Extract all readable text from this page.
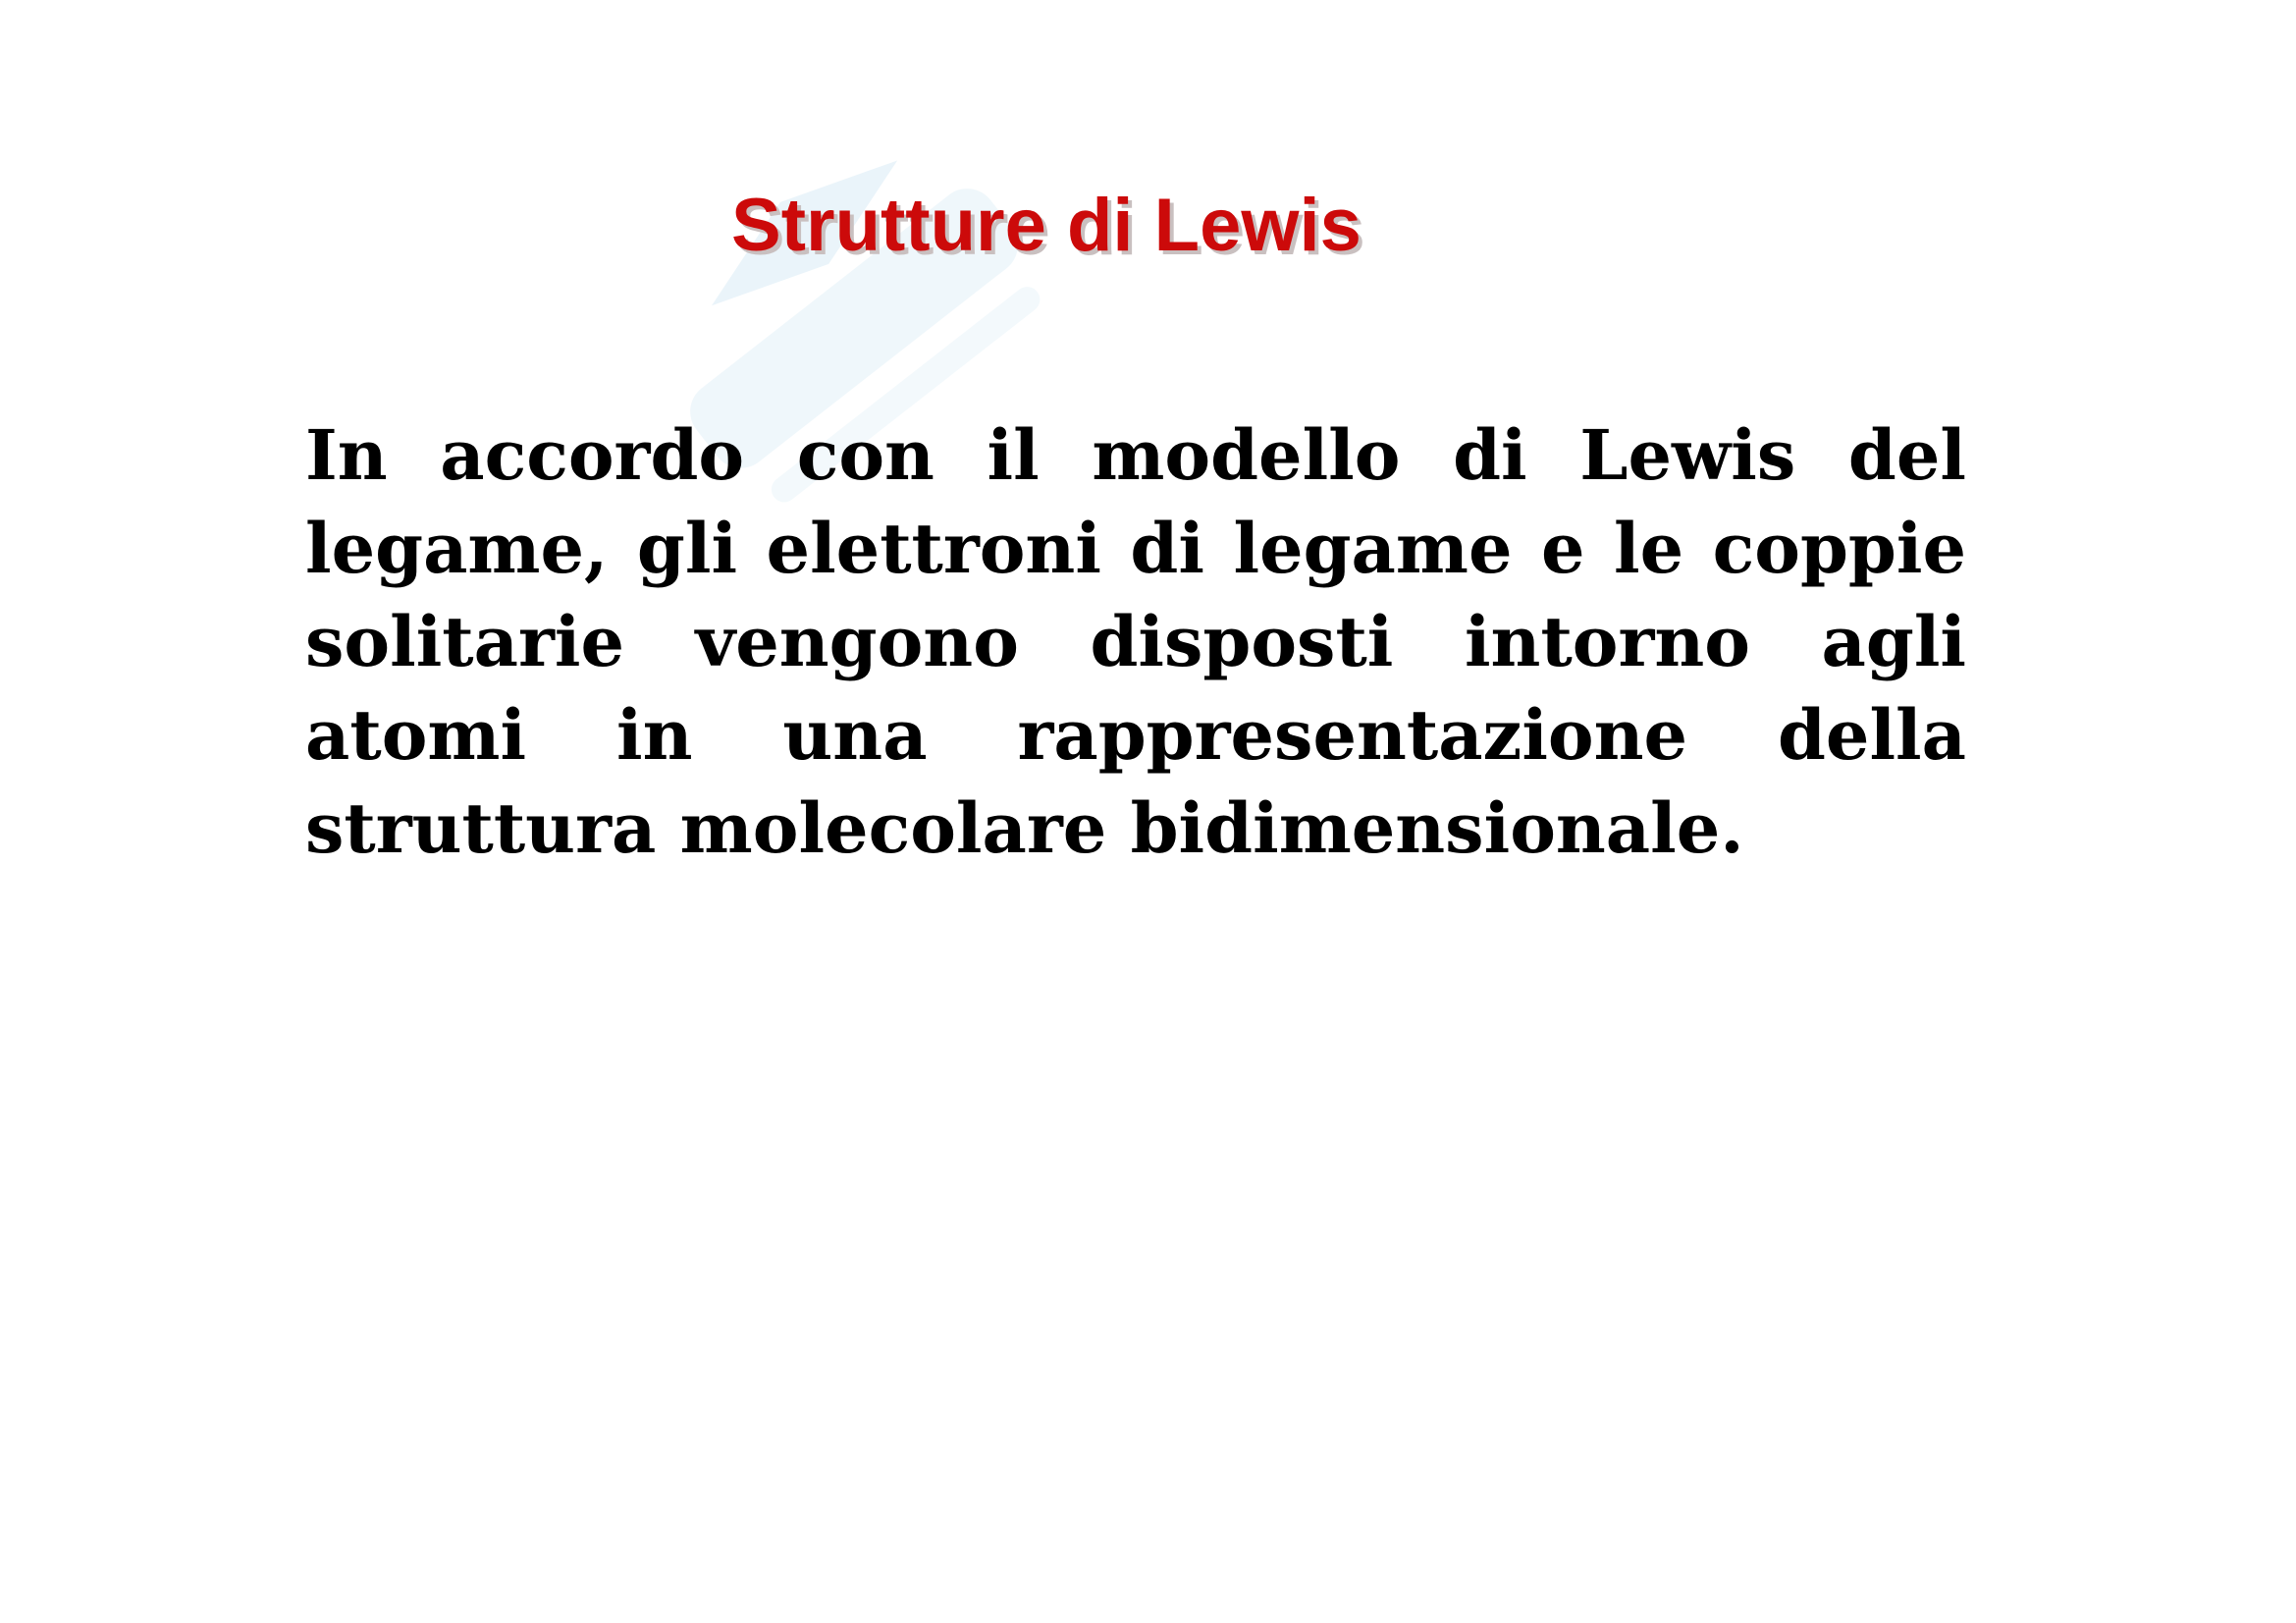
Strutture di Lewis

In accordo con il modello di Lewis del legame, gli elettroni di legame e le coppie solitarie vengono disposti intorno agli atomi in una rappresentazione della struttura molecolare bidimensionale.
